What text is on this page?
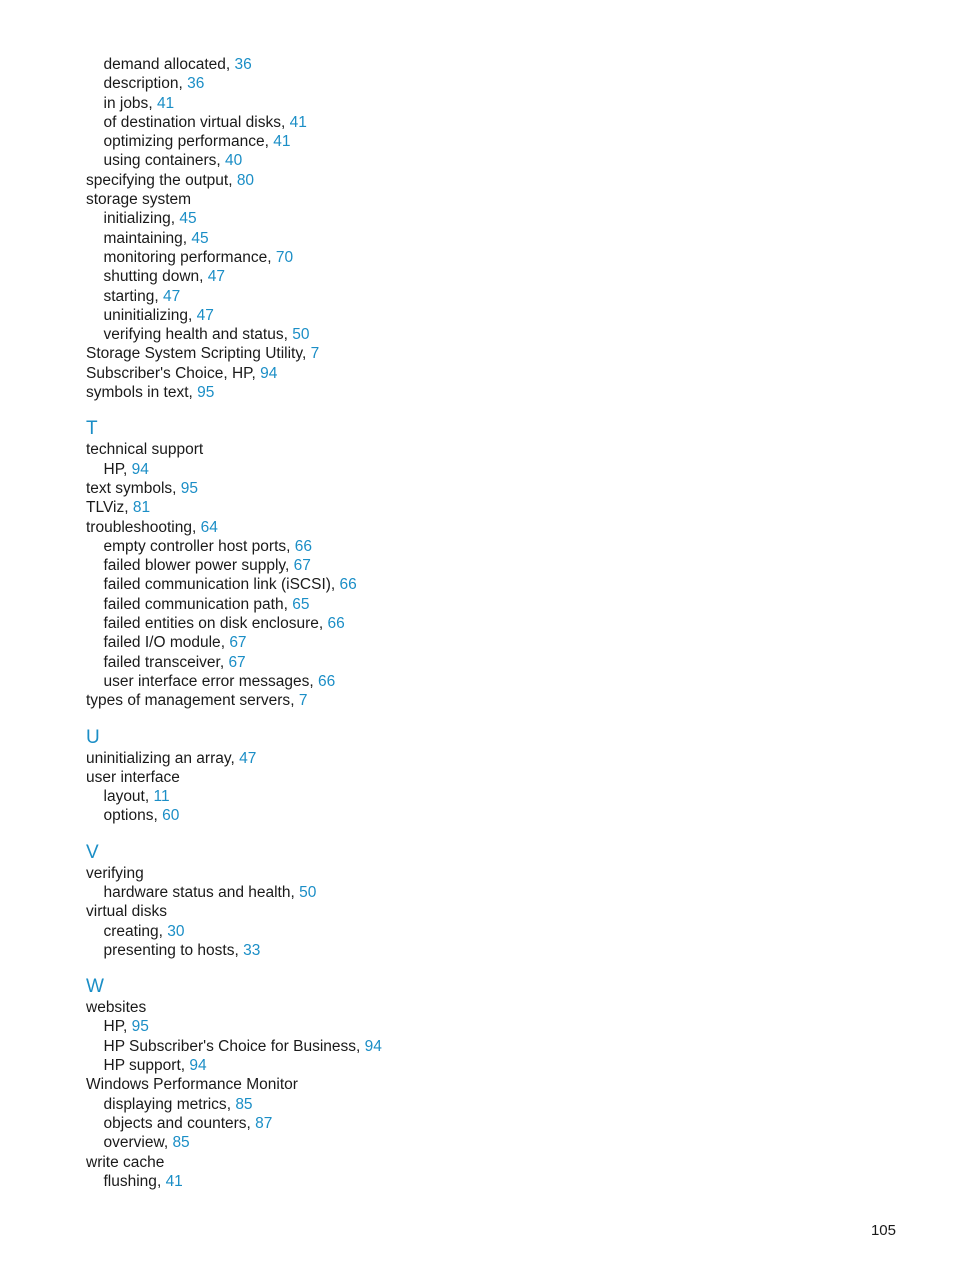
demand allocated, 36
description, 36
in jobs, 41
of destination virtual disks, 41
optimizing performance, 41
using containers, 40
specifying the output, 80
storage system
initializing, 45
maintaining, 45
monitoring performance, 70
shutting down, 47
starting, 47
uninitializing, 47
verifying health and status, 50
Storage System Scripting Utility, 7
Subscriber's Choice, HP, 94
symbols in text, 95
T
technical support
HP, 94
text symbols, 95
TLViz, 81
troubleshooting, 64
empty controller host ports, 66
failed blower power supply, 67
failed communication link (iSCSI), 66
failed communication path, 65
failed entities on disk enclosure, 66
failed I/O module, 67
failed transceiver, 67
user interface error messages, 66
types of management servers, 7
U
uninitializing an array, 47
user interface
layout, 11
options, 60
V
verifying
hardware status and health, 50
virtual disks
creating, 30
presenting to hosts, 33
W
websites
HP, 95
HP Subscriber's Choice for Business, 94
HP support, 94
Windows Performance Monitor
displaying metrics, 85
objects and counters, 87
overview, 85
write cache
flushing, 41
105
